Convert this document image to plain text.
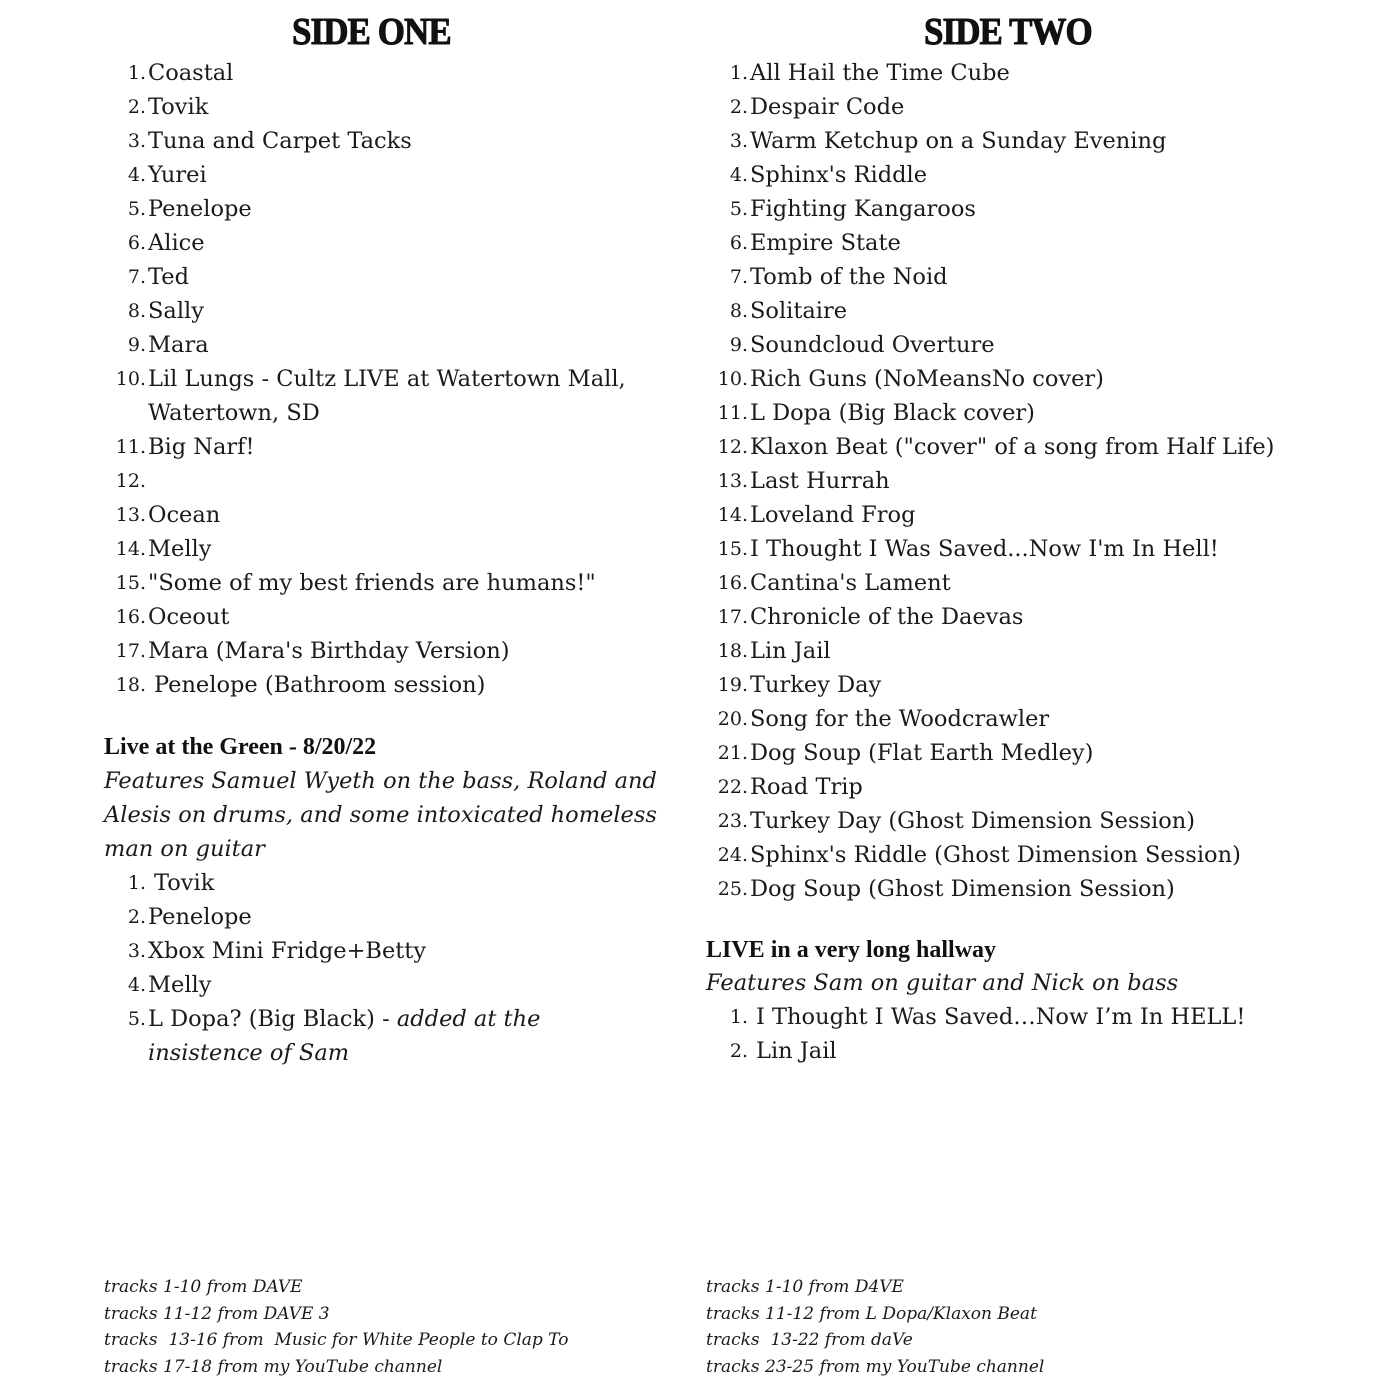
SIDE ONE
1. Coastal
2. Tovik
3. Tuna and Carpet Tacks
4. Yurei
5. Penelope
6. Alice
7. Ted
8. Sally
9. Mara
10. Lil Lungs - Cultz LIVE at Watertown Mall, Watertown, SD
11. Big Narf!
12.
13. Ocean
14. Melly
15. "Some of my best friends are humans!"
16. Oceout
17. Mara (Mara's Birthday Version)
18. Penelope (Bathroom session)
Live at the Green - 8/20/22
Features Samuel Wyeth on the bass, Roland and Alesis on drums, and some intoxicated homeless man on guitar
1. Tovik
2. Penelope
3. Xbox Mini Fridge+Betty
4. Melly
5. L Dopa? (Big Black) - added at the insistence of Sam
tracks 1-10 from DAVE
tracks 11-12 from DAVE 3
tracks  13-16 from  Music for White People to Clap To
tracks 17-18 from my YouTube channel
SIDE TWO
1. All Hail the Time Cube
2. Despair Code
3. Warm Ketchup on a Sunday Evening
4. Sphinx's Riddle
5. Fighting Kangaroos
6. Empire State
7. Tomb of the Noid
8. Solitaire
9. Soundcloud Overture
10. Rich Guns (NoMeansNo cover)
11. L Dopa (Big Black cover)
12. Klaxon Beat ("cover" of a song from Half Life)
13. Last Hurrah
14. Loveland Frog
15. I Thought I Was Saved...Now I'm In Hell!
16. Cantina's Lament
17. Chronicle of the Daevas
18. Lin Jail
19. Turkey Day
20. Song for the Woodcrawler
21. Dog Soup (Flat Earth Medley)
22. Road Trip
23. Turkey Day (Ghost Dimension Session)
24. Sphinx's Riddle (Ghost Dimension Session)
25. Dog Soup (Ghost Dimension Session)
LIVE in a very long hallway
Features Sam on guitar and Nick on bass
1. I Thought I Was Saved…Now I’m In HELL!
2. Lin Jail
tracks 1-10 from D4VE
tracks 11-12 from L Dopa/Klaxon Beat
tracks  13-22 from daVe
tracks 23-25 from my YouTube channel
